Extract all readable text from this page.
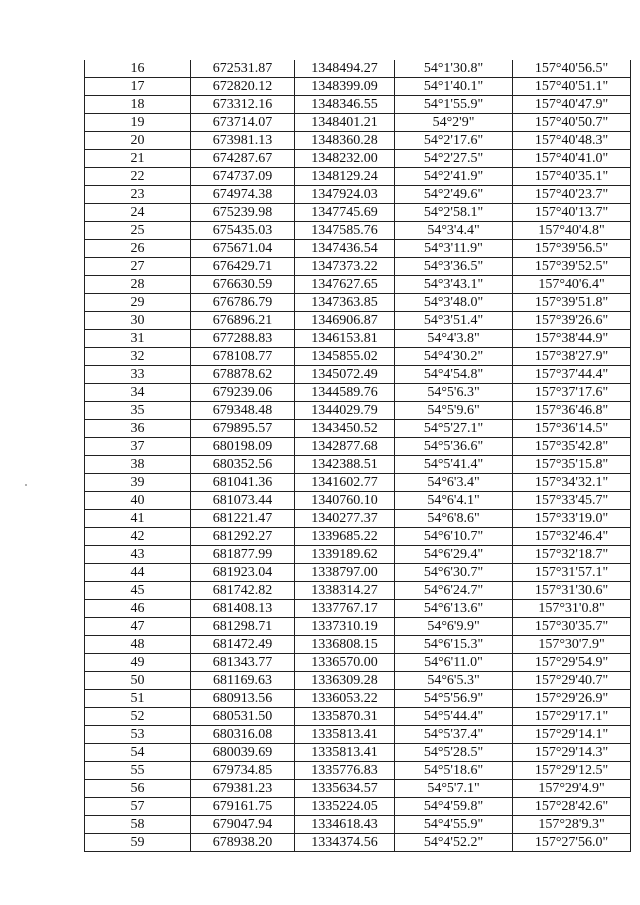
16	672531.87	1348494.27	54°1'30.8"	157°40'56.5"
17	672820.12	1348399.09	54°1'40.1"	157°40'51.1"
18	673312.16	1348346.55	54°1'55.9"	157°40'47.9"
19	673714.07	1348401.21	54°2'9"	157°40'50.7"
20	673981.13	1348360.28	54°2'17.6"	157°40'48.3"
21	674287.67	1348232.00	54°2'27.5"	157°40'41.0"
22	674737.09	1348129.24	54°2'41.9"	157°40'35.1"
23	674974.38	1347924.03	54°2'49.6"	157°40'23.7"
24	675239.98	1347745.69	54°2'58.1"	157°40'13.7"
25	675435.03	1347585.76	54°3'4.4"	157°40'4.8"
26	675671.04	1347436.54	54°3'11.9"	157°39'56.5"
27	676429.71	1347373.22	54°3'36.5"	157°39'52.5"
28	676630.59	1347627.65	54°3'43.1"	157°40'6.4"
29	676786.79	1347363.85	54°3'48.0"	157°39'51.8"
30	676896.21	1346906.87	54°3'51.4"	157°39'26.6"
31	677288.83	1346153.81	54°4'3.8"	157°38'44.9"
32	678108.77	1345855.02	54°4'30.2"	157°38'27.9"
33	678878.62	1345072.49	54°4'54.8"	157°37'44.4"
34	679239.06	1344589.76	54°5'6.3"	157°37'17.6"
35	679348.48	1344029.79	54°5'9.6"	157°36'46.8"
36	679895.57	1343450.52	54°5'27.1"	157°36'14.5"
37	680198.09	1342877.68	54°5'36.6"	157°35'42.8"
38	680352.56	1342388.51	54°5'41.4"	157°35'15.8"
39	681041.36	1341602.77	54°6'3.4"	157°34'32.1"
40	681073.44	1340760.10	54°6'4.1"	157°33'45.7"
41	681221.47	1340277.37	54°6'8.6"	157°33'19.0"
42	681292.27	1339685.22	54°6'10.7"	157°32'46.4"
43	681877.99	1339189.62	54°6'29.4"	157°32'18.7"
44	681923.04	1338797.00	54°6'30.7"	157°31'57.1"
45	681742.82	1338314.27	54°6'24.7"	157°31'30.6"
46	681408.13	1337767.17	54°6'13.6"	157°31'0.8"
47	681298.71	1337310.19	54°6'9.9"	157°30'35.7"
48	681472.49	1336808.15	54°6'15.3"	157°30'7.9"
49	681343.77	1336570.00	54°6'11.0"	157°29'54.9"
50	681169.63	1336309.28	54°6'5.3"	157°29'40.7"
51	680913.56	1336053.22	54°5'56.9"	157°29'26.9"
52	680531.50	1335870.31	54°5'44.4"	157°29'17.1"
53	680316.08	1335813.41	54°5'37.4"	157°29'14.1"
54	680039.69	1335813.41	54°5'28.5"	157°29'14.3"
55	679734.85	1335776.83	54°5'18.6"	157°29'12.5"
56	679381.23	1335634.57	54°5'7.1"	157°29'4.9"
57	679161.75	1335224.05	54°4'59.8"	157°28'42.6"
58	679047.94	1334618.43	54°4'55.9"	157°28'9.3"
59	678938.20	1334374.56	54°4'52.2"	157°27'56.0"
